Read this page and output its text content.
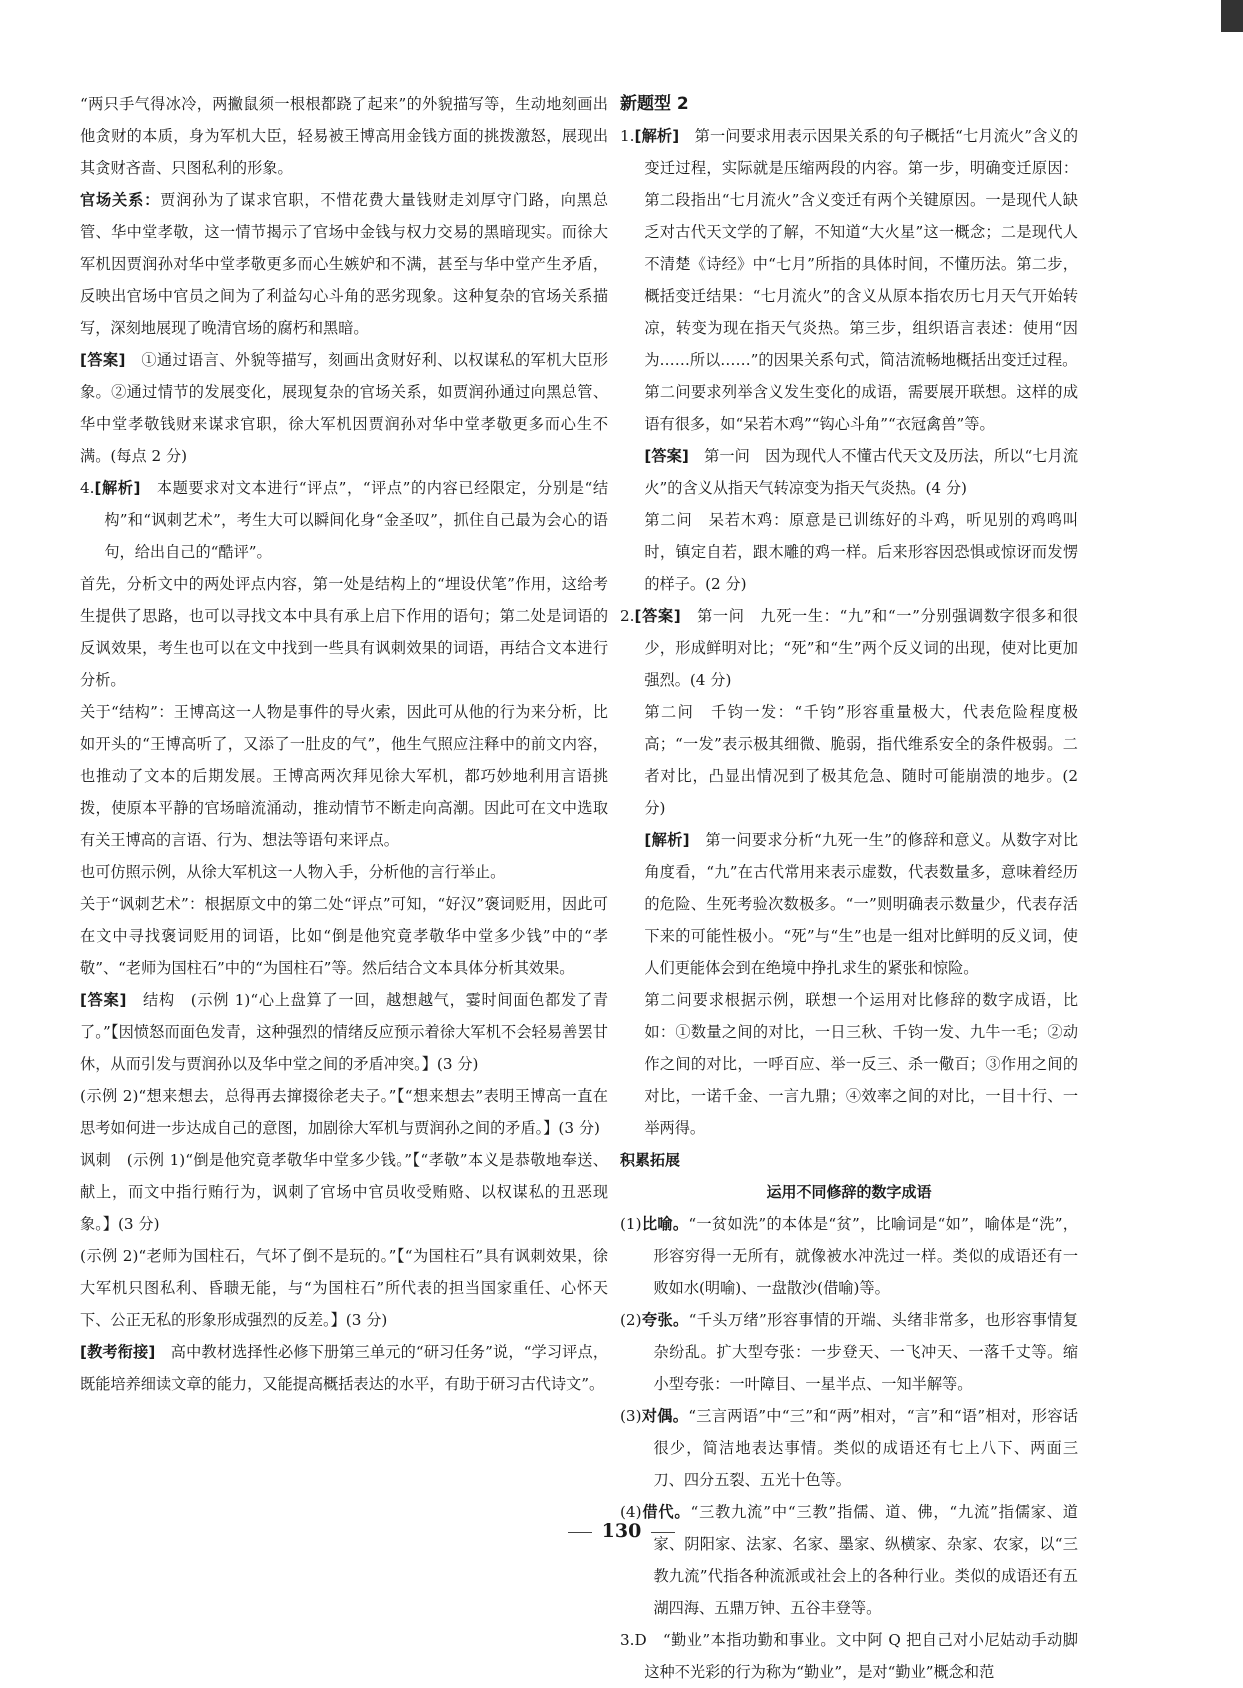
“两只手气得冰冷，两撇鼠须一根根都跷了起来”的外貌描写等，生动地刻画出他贪财的本质，身为军机大臣，轻易被王博高用金钱方面的挑拨激怒，展现出其贪财吝啬、只图私利的形象。

官场关系：贾润孙为了谋求官职，不惜花费大量钱财走刘厚守门路，向黑总管、华中堂孝敬，这一情节揭示了官场中金钱与权力交易的黑暗现实。而徐大军机因贾润孙对华中堂孝敬更多而心生嫉妒和不满，甚至与华中堂产生矛盾，反映出官场中官员之间为了利益勾心斗角的恶劣现象。这种复杂的官场关系描写，深刻地展现了晚清官场的腐朽和黑暗。

[答案]　 ①通过语言、外貌等描写，刻画出贪财好利、以权谋私的军机大臣形象。②通过情节的发展变化，展现复杂的官场关系，如贾润孙通过向黑总管、华中堂孝敬钱财来谋求官职，徐大军机因贾润孙对华中堂孝敬更多而心生不满。(每点 2 分)

4.[解析]　 本题要求对文本进行“评点”，“评点”的内容已经限定，分别是“结构”和“讽刺艺术”，考生大可以瞬间化身“金圣叹”，抓住自己最为会心的语句，给出自己的“酷评”。

首先，分析文中的两处评点内容，第一处是结构上的“埋设伏笔”作用，这给考生提供了思路，也可以寻找文本中具有承上启下作用的语句；第二处是词语的反讽效果，考生也可以在文中找到一些具有讽刺效果的词语，再结合文本进行分析。

关于“结构”：王博高这一人物是事件的导火索，因此可从他的行为来分析，比如开头的“王博高听了，又添了一肚皮的气”，他生气照应注释中的前文内容，也推动了文本的后期发展。王博高两次拜见徐大军机，都巧妙地利用言语挑拨，使原本平静的官场暗流涌动，推动情节不断走向高潮。因此可在文中选取有关王博高的言语、行为、想法等语句来评点。

也可仿照示例，从徐大军机这一人物入手，分析他的言行举止。

关于“讽刺艺术”：根据原文中的第二处“评点”可知，“好汉”褒词贬用，因此可在文中寻找褒词贬用的词语，比如“倒是他究竟孝敬华中堂多少钱”中的“孝敬”、“老师为国柱石”中的“为国柱石”等。然后结合文本具体分析其效果。

[答案]　 结构　(示例 1)“心上盘算了一回，越想越气，霎时间面色都发了青了。”【因愤怒而面色发青，这种强烈的情绪反应预示着徐大军机不会轻易善罢甘休，从而引发与贾润孙以及华中堂之间的矛盾冲突。】(3 分)

(示例 2)“想来想去，总得再去撺掇徐老夫子。”【“想来想去”表明王博高一直在思考如何进一步达成自己的意图，加剧徐大军机与贾润孙之间的矛盾。】(3 分)

讽刺　(示例 1)“倒是他究竟孝敬华中堂多少钱。”【“孝敬”本义是恭敬地奉送、献上，而文中指行贿行为，讽刺了官场中官员收受贿赂、以权谋私的丑恶现象。】(3 分)

(示例 2)“老师为国柱石，气坏了倒不是玩的。”【“为国柱石”具有讽刺效果，徐大军机只图私利、昏聩无能，与“为国柱石”所代表的担当国家重任、心怀天下、公正无私的形象形成强烈的反差。】(3 分)

[教考衔接]　 高中教材选择性必修下册第三单元的“研习任务”说，“学习评点，既能培养细读文章的能力，又能提高概括表达的水平，有助于研习古代诗文”。

新题型 2

1.[解析]　 第一问要求用表示因果关系的句子概括“七月流火”含义的变迁过程，实际就是压缩两段的内容。第一步，明确变迁原因：第二段指出“七月流火”含义变迁有两个关键原因。一是现代人缺乏对古代天文学的了解，不知道“大火星”这一概念；二是现代人不清楚《诗经》中“七月”所指的具体时间，不懂历法。第二步，概括变迁结果：“七月流火”的含义从原本指农历七月天气开始转凉，转变为现在指天气炎热。第三步，组织语言表述：使用“因为……所以……”的因果关系句式，简洁流畅地概括出变迁过程。

第二问要求列举含义发生变化的成语，需要展开联想。这样的成语有很多，如“呆若木鸡”“钩心斗角”“衣冠禽兽”等。

[答案]　 第一问　因为现代人不懂古代天文及历法，所以“七月流火”的含义从指天气转凉变为指天气炎热。(4 分)

第二问　呆若木鸡：原意是已训练好的斗鸡，听见别的鸡鸣叫时，镇定自若，跟木雕的鸡一样。后来形容因恐惧或惊讶而发愣的样子。(2 分)

2.[答案]　 第一问　九死一生：“九”和“一”分别强调数字很多和很少，形成鲜明对比；“死”和“生”两个反义词的出现，使对比更加强烈。(4 分)

第二问　千钧一发：“千钧”形容重量极大，代表危险程度极高；“一发”表示极其细微、脆弱，指代维系安全的条件极弱。二者对比，凸显出情况到了极其危急、随时可能崩溃的地步。(2 分)

[解析]　 第一问要求分析“九死一生”的修辞和意义。从数字对比角度看，“九”在古代常用来表示虚数，代表数量多，意味着经历的危险、生死考验次数极多。“一”则明确表示数量少，代表存活下来的可能性极小。“死”与“生”也是一组对比鲜明的反义词，使人们更能体会到在绝境中挣扎求生的紧张和惊险。

第二问要求根据示例，联想一个运用对比修辞的数字成语，比如：①数量之间的对比，一日三秋、千钧一发、九牛一毛；②动作之间的对比，一呼百应、举一反三、杀一儆百；③作用之间的对比，一诺千金、一言九鼎；④效率之间的对比，一目十行、一举两得。

积累拓展

运用不同修辞的数字成语

(1)比喻。“一贫如洗”的本体是“贫”，比喻词是“如”，喻体是“洗”，形容穷得一无所有，就像被水冲洗过一样。类似的成语还有一败如水(明喻)、一盘散沙(借喻)等。

(2)夸张。“千头万绪”形容事情的开端、头绪非常多，也形容事情复杂纷乱。扩大型夸张：一步登天、一飞冲天、一落千丈等。缩小型夸张：一叶障目、一星半点、一知半解等。

(3)对偶。“三言两语”中“三”和“两”相对，“言”和“语”相对，形容话很少，简洁地表达事情。类似的成语还有七上八下、两面三刀、四分五裂、五光十色等。

(4)借代。“三教九流”中“三教”指儒、道、佛，“九流”指儒家、道家、阴阳家、法家、名家、墨家、纵横家、杂家、农家，以“三教九流”代指各种流派或社会上的各种行业。类似的成语还有五湖四海、五鼎万钟、五谷丰登等。

3.D　“勤业”本指功勤和事业。文中阿 Q 把自己对小尼姑动手动脚这种不光彩的行为称为“勤业”，是对“勤业”概念和范

130
